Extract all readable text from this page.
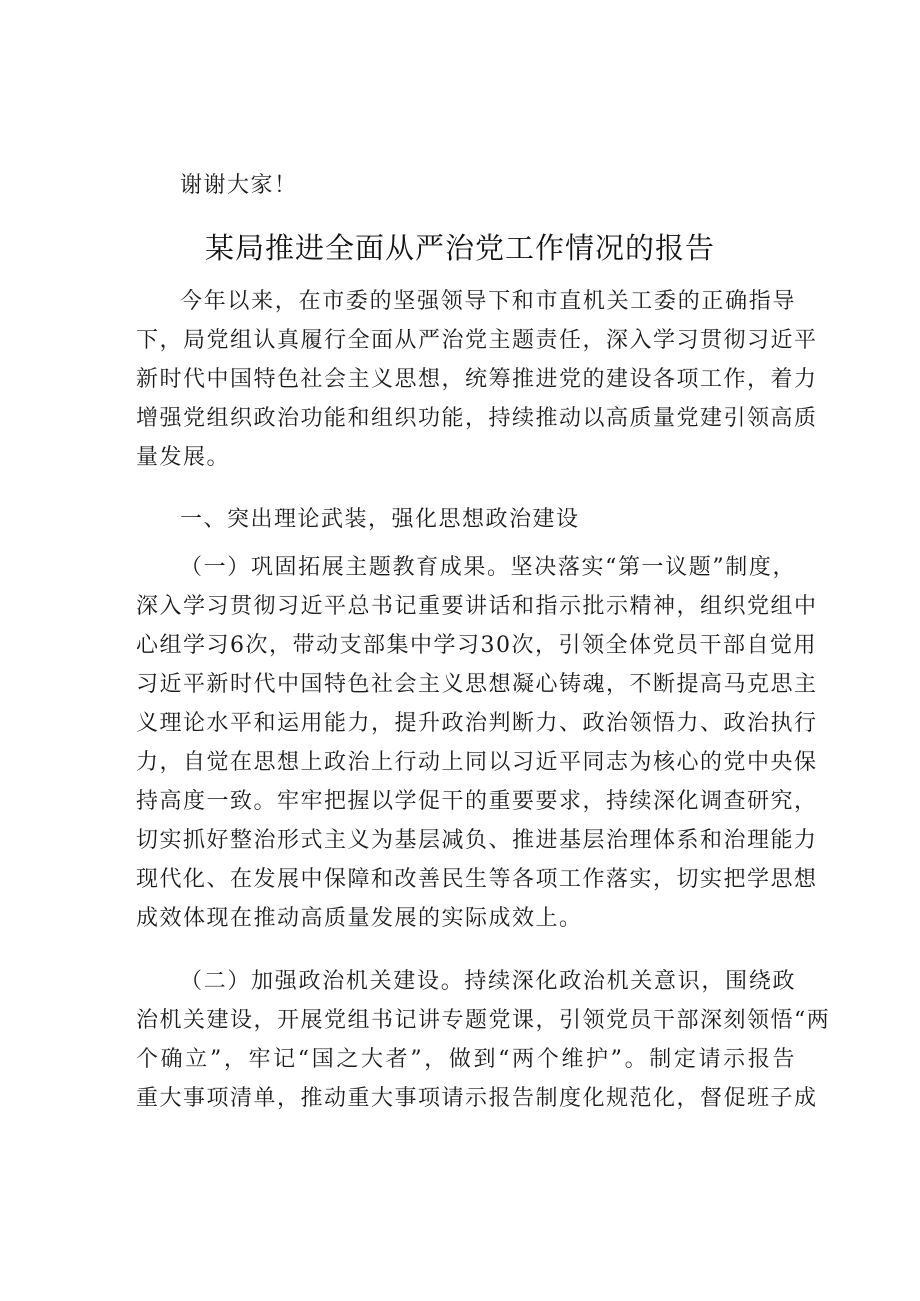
谢谢大家！
某局推进全面从严治党工作情况的报告
今年以来，在市委的坚强领导下和市直机关工委的正确指导
下，局党组认真履行全面从严治党主题责任，深入学习贯彻习近平
新时代中国特色社会主义思想，统筹推进党的建设各项工作，着力
增强党组织政治功能和组织功能，持续推动以高质量党建引领高质
量发展。
一、突出理论武装，强化思想政治建设
（一）巩固拓展主题教育成果。坚决落实“第一议题”制度，
深入学习贯彻习近平总书记重要讲话和指示批示精神，组织党组中
心组学习6次，带动支部集中学习30次，引领全体党员干部自觉用
习近平新时代中国特色社会主义思想凝心铸魂，不断提高马克思主
义理论水平和运用能力，提升政治判断力、政治领悟力、政治执行
力，自觉在思想上政治上行动上同以习近平同志为核心的党中央保
持高度一致。牢牢把握以学促干的重要要求，持续深化调查研究，
切实抓好整治形式主义为基层减负、推进基层治理体系和治理能力
现代化、在发展中保障和改善民生等各项工作落实，切实把学思想
成效体现在推动高质量发展的实际成效上。
（二）加强政治机关建设。持续深化政治机关意识，围绕政
治机关建设，开展党组书记讲专题党课，引领党员干部深刻领悟“两
个确立”，牢记“国之大者”，做到“两个维护”。制定请示报告
重大事项清单，推动重大事项请示报告制度化规范化，督促班子成
